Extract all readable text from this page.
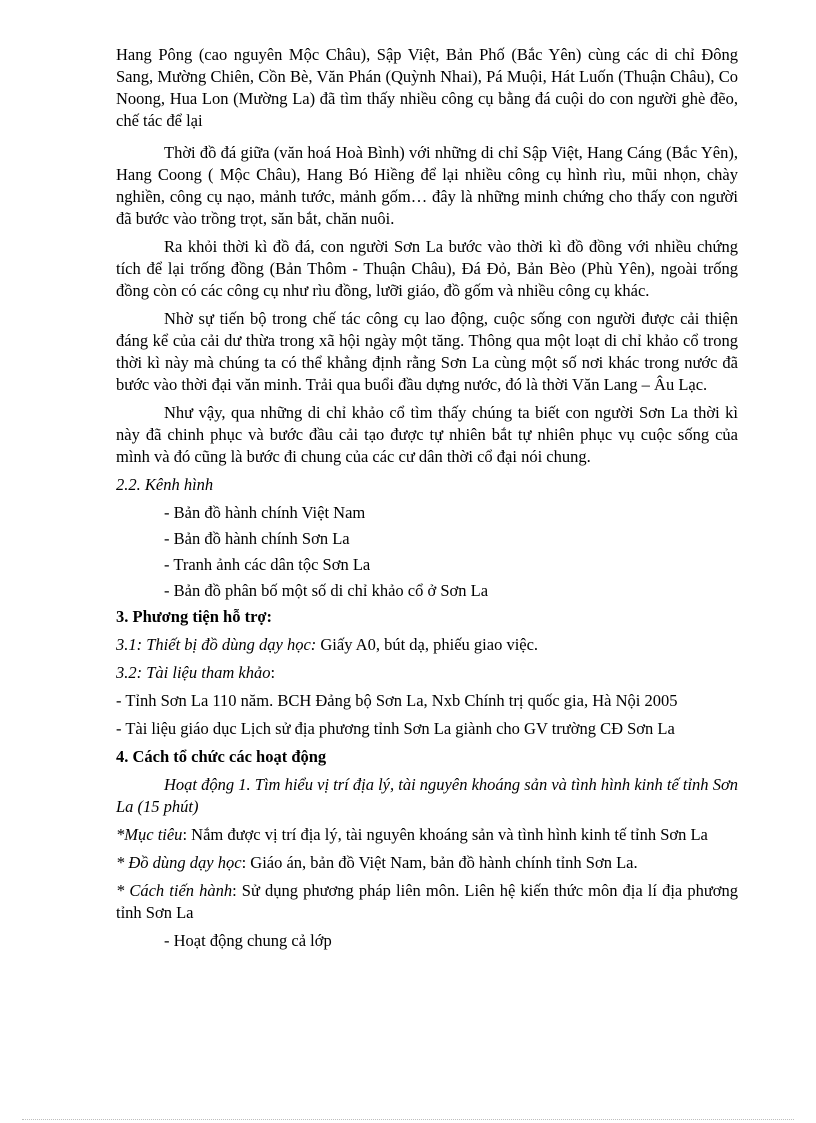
Hang Pông (cao nguyên Mộc Châu), Sập Việt, Bản Phố (Bắc Yên) cùng các di chỉ Đông Sang, Mường Chiên, Cồn Bè, Văn Phán (Quỳnh Nhai), Pá Muội, Hát Luốn (Thuận Châu), Co Noong, Hua Lon (Mường La) đã tìm thấy nhiều công cụ bằng đá cuội do con người ghè đẽo, chế tác để lại

Thời đồ đá giữa (văn hoá Hoà Bình) với những di chỉ Sập Việt, Hang Cáng (Bắc Yên), Hang Coong ( Mộc Châu), Hang Bó Hiềng để lại nhiều công cụ hình rìu, mũi nhọn, chày nghiền, công cụ nạo, mảnh tước, mảnh gốm… đây là những minh chứng cho thấy con người đã bước vào trồng trọt, săn bắt, chăn nuôi.

Ra khỏi thời kì đồ đá, con người Sơn La bước vào thời kì đồ đồng với nhiều chứng tích để lại trống đồng (Bản Thôm - Thuận Châu), Đá Đỏ, Bản Bèo (Phù Yên), ngoài trống đồng còn có các công cụ như rìu đồng, lưỡi giáo, đồ gốm và nhiều công cụ khác.

Nhờ sự tiến bộ trong chế tác công cụ lao động, cuộc sống con người được cải thiện đáng kể của cải dư thừa trong xã hội ngày một tăng. Thông qua một loạt di chỉ khảo cổ trong thời kì này mà chúng ta có thể khẳng định rằng Sơn La cùng một số nơi khác trong nước đã bước vào thời đại văn minh. Trải qua buổi đầu dựng nước, đó là thời Văn Lang – Âu Lạc.

Như vậy, qua những di chỉ khảo cổ tìm thấy chúng ta biết con người Sơn La thời kì này đã chinh phục và bước đầu cải tạo được tự nhiên bắt tự nhiên phục vụ cuộc sống của mình và đó cũng là bước đi chung của các cư dân thời cổ đại nói chung.

2.2. Kênh hình

- Bản đồ hành chính Việt Nam

- Bản đồ hành chính Sơn La

- Tranh ảnh các dân tộc Sơn La

- Bản đồ phân bố một số di chỉ khảo cổ ở Sơn La

3. Phương tiện hỗ trợ:

3.1: Thiết bị đồ dùng dạy học: Giấy A0, bút dạ, phiếu giao việc.

3.2: Tài liệu tham khảo:

- Tỉnh Sơn La 110 năm. BCH Đảng bộ Sơn La, Nxb Chính trị quốc gia, Hà Nội 2005

- Tài liệu giáo dục Lịch sử địa phương tỉnh Sơn La giành cho GV trường CĐ Sơn La

4. Cách tổ chức các hoạt động

Hoạt động 1. Tìm hiểu vị trí địa lý, tài nguyên khoáng sản và tình hình kinh tế tỉnh Sơn La (15 phút)

*Mục tiêu: Nắm được vị trí địa lý, tài nguyên khoáng sản và tình hình kinh tế tỉnh Sơn La

* Đồ dùng dạy học: Giáo án, bản đồ Việt Nam, bản đồ hành chính tỉnh Sơn La.

* Cách tiến hành: Sử dụng phương pháp liên môn. Liên hệ kiến thức môn địa lí địa phương tỉnh Sơn La

- Hoạt động chung cả lớp
